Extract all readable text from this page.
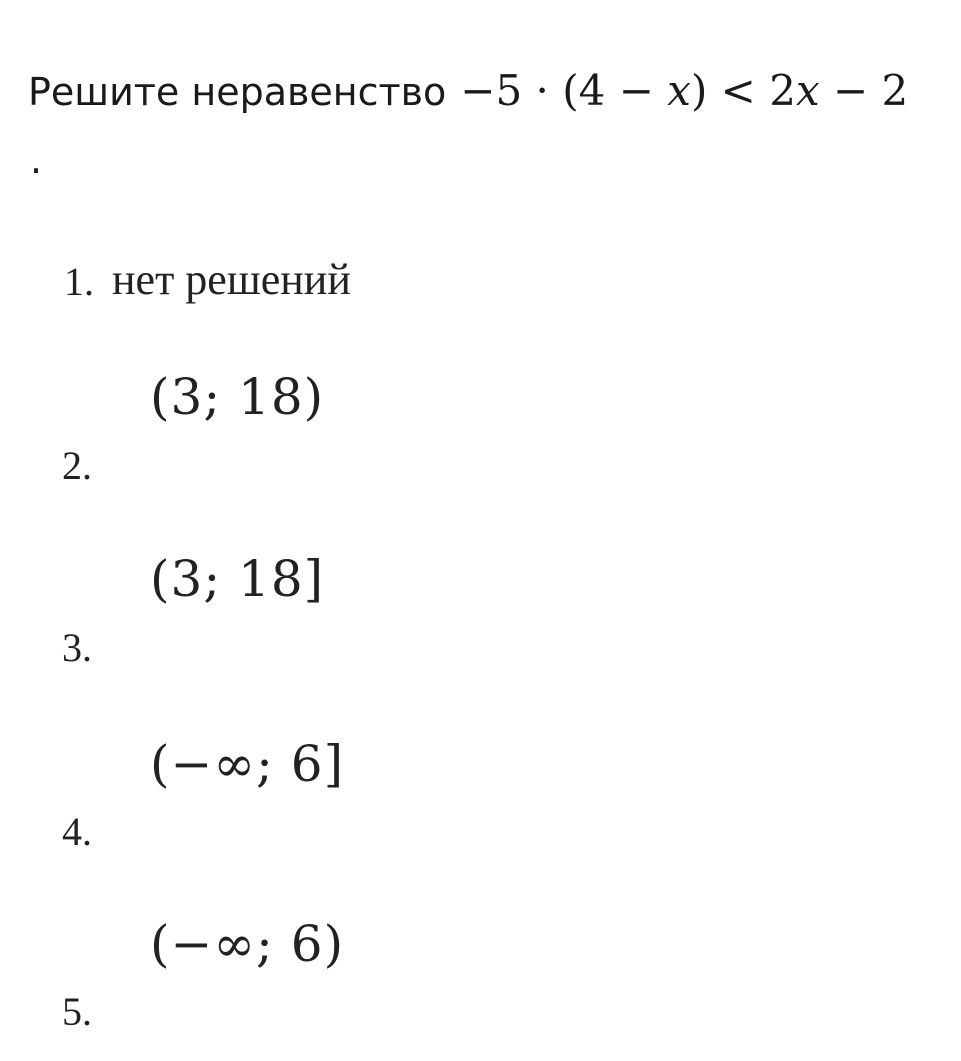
Решите неравенство −5 · (4 − x) < 2x − 2
.
1. нет решений
(3; 18)
2.
(3; 18]
3.
(−∞; 6]
4.
(−∞; 6)
5.
